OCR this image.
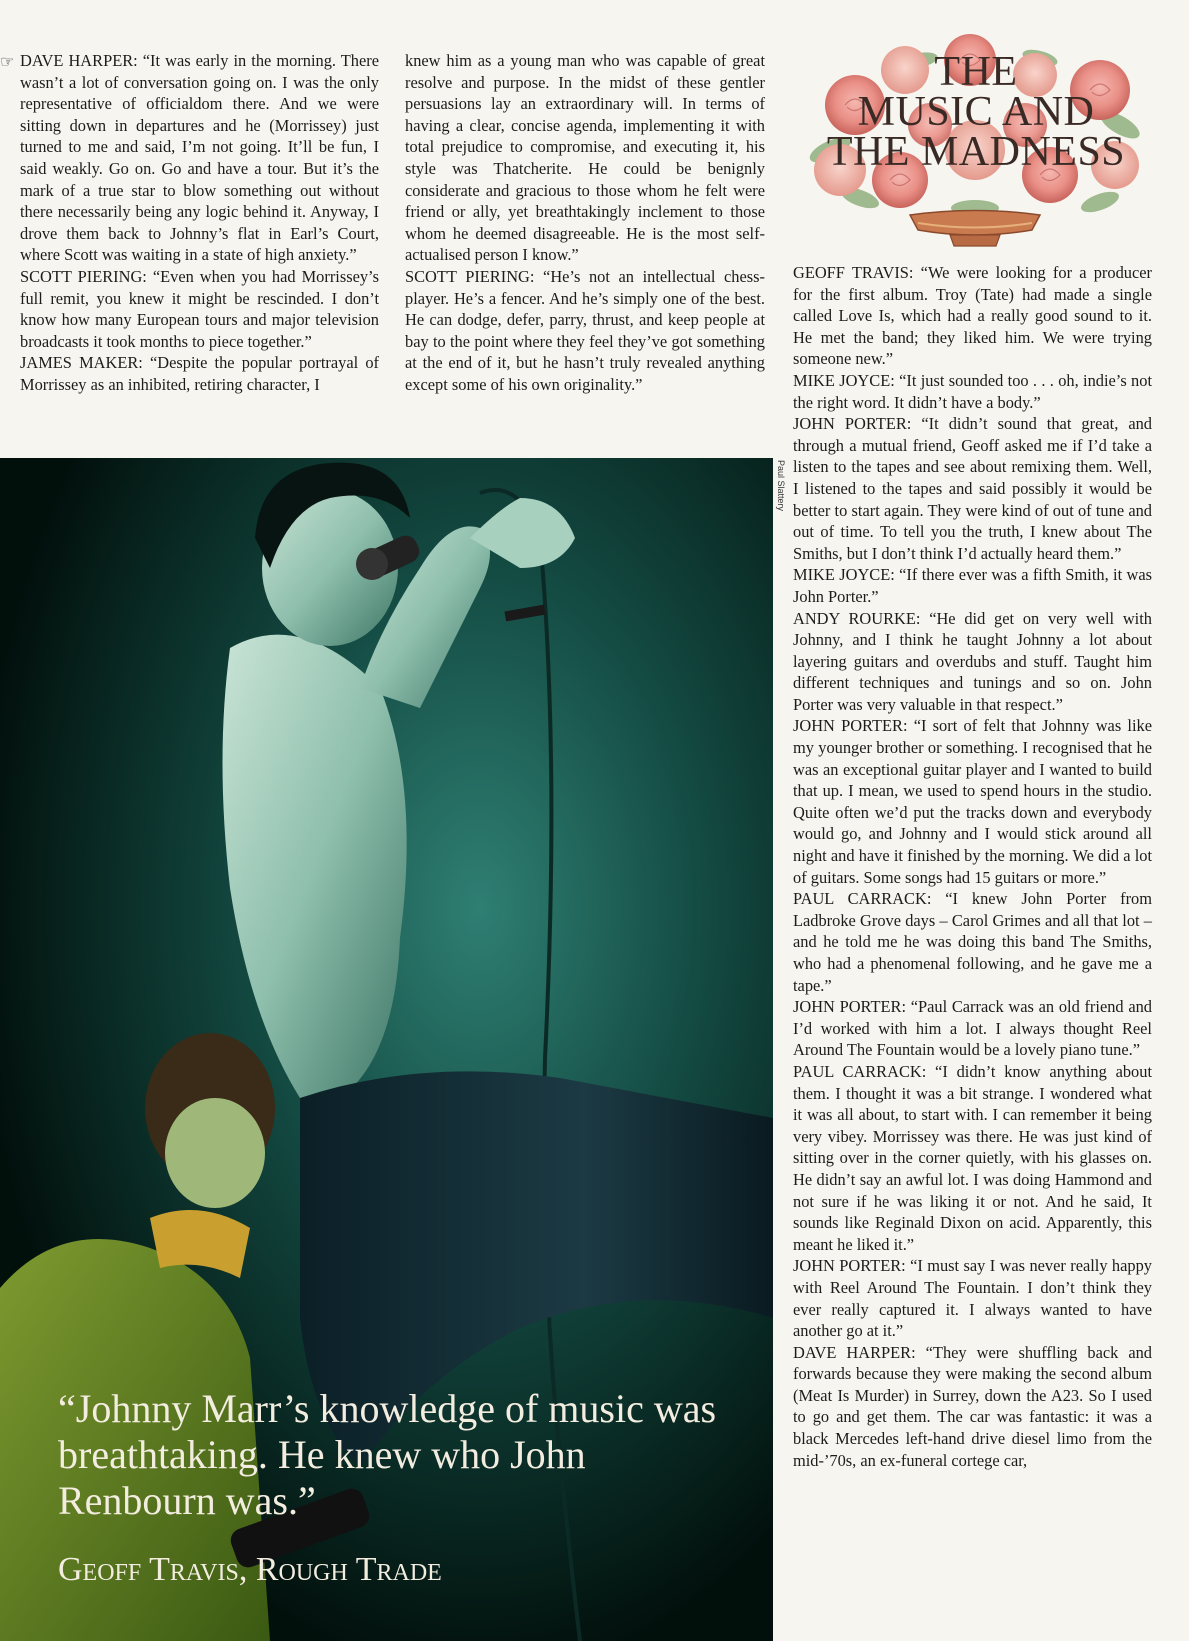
☞ DAVE HARPER: “It was early in the morning. There wasn’t a lot of conversation going on. I was the only representative of officialdom there. And we were sitting down in departures and he (Morrissey) just turned to me and said, I’m not going. It’ll be fun, I said weakly. Go on. Go and have a tour. But it’s the mark of a true star to blow something out without there necessarily being any logic behind it. Anyway, I drove them back to Johnny’s flat in Earl’s Court, where Scott was waiting in a state of high anxiety.”

SCOTT PIERING: “Even when you had Morrissey’s full remit, you knew it might be rescinded. I don’t know how many European tours and major television broadcasts it took months to piece together.”

JAMES MAKER: “Despite the popular portrayal of Morrissey as an inhibited, retiring character, I

knew him as a young man who was capable of great resolve and purpose. In the midst of these gentler persuasions lay an extraordinary will. In terms of having a clear, concise agenda, implementing it with total prejudice to compromise, and executing it, his style was Thatcherite. He could be benignly considerate and gracious to those whom he felt were friend or ally, yet breathtakingly inclement to those whom he deemed disagreeable. He is the most self-actualised person I know.”

SCOTT PIERING: “He’s not an intellectual chess-player. He’s a fencer. And he’s simply one of the best. He can dodge, defer, parry, thrust, and keep people at bay to the point where they feel they’ve got something at the end of it, but he hasn’t truly revealed anything except some of his own originality.”

THE
MUSIC AND
THE MADNESS

GEOFF TRAVIS: “We were looking for a producer for the first album. Troy (Tate) had made a single called Love Is, which had a really good sound to it. He met the band; they liked him. We were trying someone new.”

MIKE JOYCE: “It just sounded too . . . oh, indie’s not the right word. It didn’t have a body.”

JOHN PORTER: “It didn’t sound that great, and through a mutual friend, Geoff asked me if I’d take a listen to the tapes and see about remixing them. Well, I listened to the tapes and said possibly it would be better to start again. They were kind of out of tune and out of time. To tell you the truth, I knew about The Smiths, but I don’t think I’d actually heard them.”

MIKE JOYCE: “If there ever was a fifth Smith, it was John Porter.”

ANDY ROURKE: “He did get on very well with Johnny, and I think he taught Johnny a lot about layering guitars and overdubs and stuff. Taught him different techniques and tunings and so on. John Porter was very valuable in that respect.”

JOHN PORTER: “I sort of felt that Johnny was like my younger brother or something. I recognised that he was an exceptional guitar player and I wanted to build that up. I mean, we used to spend hours in the studio. Quite often we’d put the tracks down and everybody would go, and Johnny and I would stick around all night and have it finished by the morning. We did a lot of guitars. Some songs had 15 guitars or more.”

PAUL CARRACK: “I knew John Porter from Ladbroke Grove days – Carol Grimes and all that lot – and he told me he was doing this band The Smiths, who had a phenomenal following, and he gave me a tape.”

JOHN PORTER: “Paul Carrack was an old friend and I’d worked with him a lot. I always thought Reel Around The Fountain would be a lovely piano tune.”

PAUL CARRACK: “I didn’t know anything about them. I thought it was a bit strange. I wondered what it was all about, to start with. I can remember it being very vibey. Morrissey was there. He was just kind of sitting over in the corner quietly, with his glasses on. He didn’t say an awful lot. I was doing Hammond and not sure if he was liking it or not. And he said, It sounds like Reginald Dixon on acid. Apparently, this meant he liked it.”

JOHN PORTER: “I must say I was never really happy with Reel Around The Fountain. I don’t think they ever really captured it. I always wanted to have another go at it.”

DAVE HARPER: “They were shuffling back and forwards because they were making the second album (Meat Is Murder) in Surrey, down the A23. So I used to go and get them. The car was fantastic: it was a black Mercedes left-hand drive diesel limo from the mid-’70s, an ex-funeral cortege car,

Paul Slattery
“Johnny Marr’s knowledge of music was breathtaking. He knew who John Renbourn was.”
Geoff Travis, Rough Trade
